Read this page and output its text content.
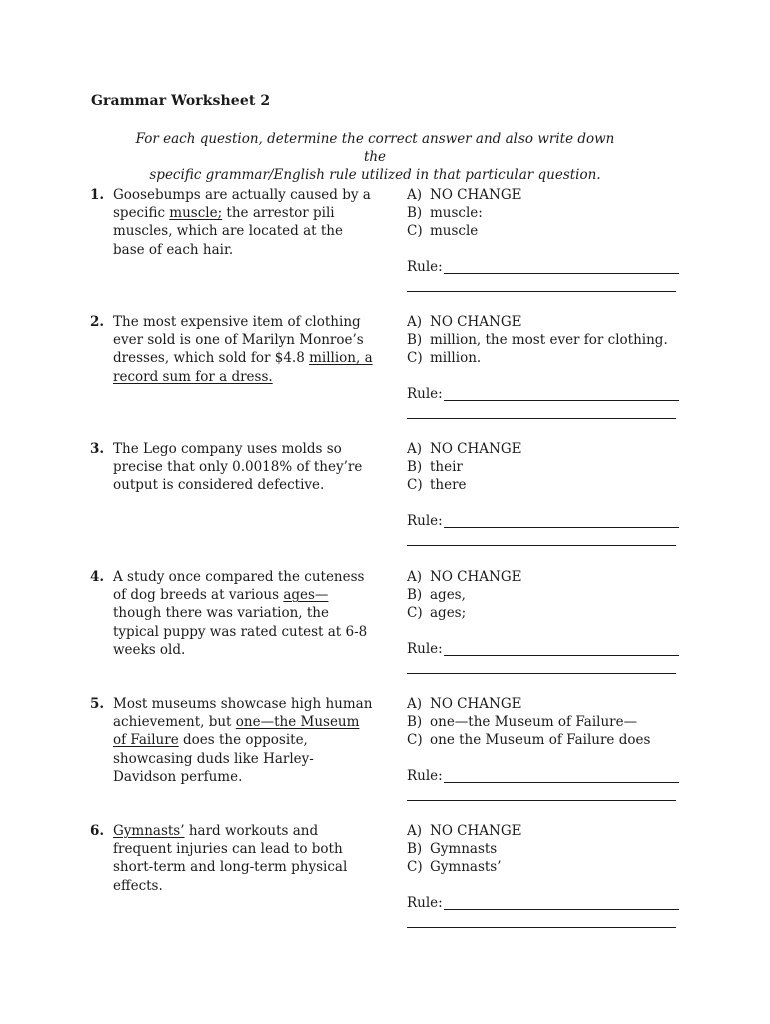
Grammar Worksheet 2
For each question, determine the correct answer and also write down the
specific grammar/English rule utilized in that particular question.
1. Goosebumps are actually caused by a specific muscle; the arrestor pili muscles, which are located at the base of each hair.
A) NO CHANGE
B) muscle:
C) muscle
Rule:
2. The most expensive item of clothing ever sold is one of Marilyn Monroe’s dresses, which sold for $4.8 million, a record sum for a dress.
A) NO CHANGE
B) million, the most ever for clothing.
C) million.
Rule:
3. The Lego company uses molds so precise that only 0.0018% of they’re output is considered defective.
A) NO CHANGE
B) their
C) there
Rule:
4. A study once compared the cuteness of dog breeds at various ages—though there was variation, the typical puppy was rated cutest at 6-8 weeks old.
A) NO CHANGE
B) ages,
C) ages;
Rule:
5. Most museums showcase high human achievement, but one—the Museum of Failure does the opposite, showcasing duds like Harley-Davidson perfume.
A) NO CHANGE
B) one—the Museum of Failure—
C) one the Museum of Failure does
Rule:
6. Gymnasts’ hard workouts and frequent injuries can lead to both short-term and long-term physical effects.
A) NO CHANGE
B) Gymnasts
C) Gymnasts’
Rule:
